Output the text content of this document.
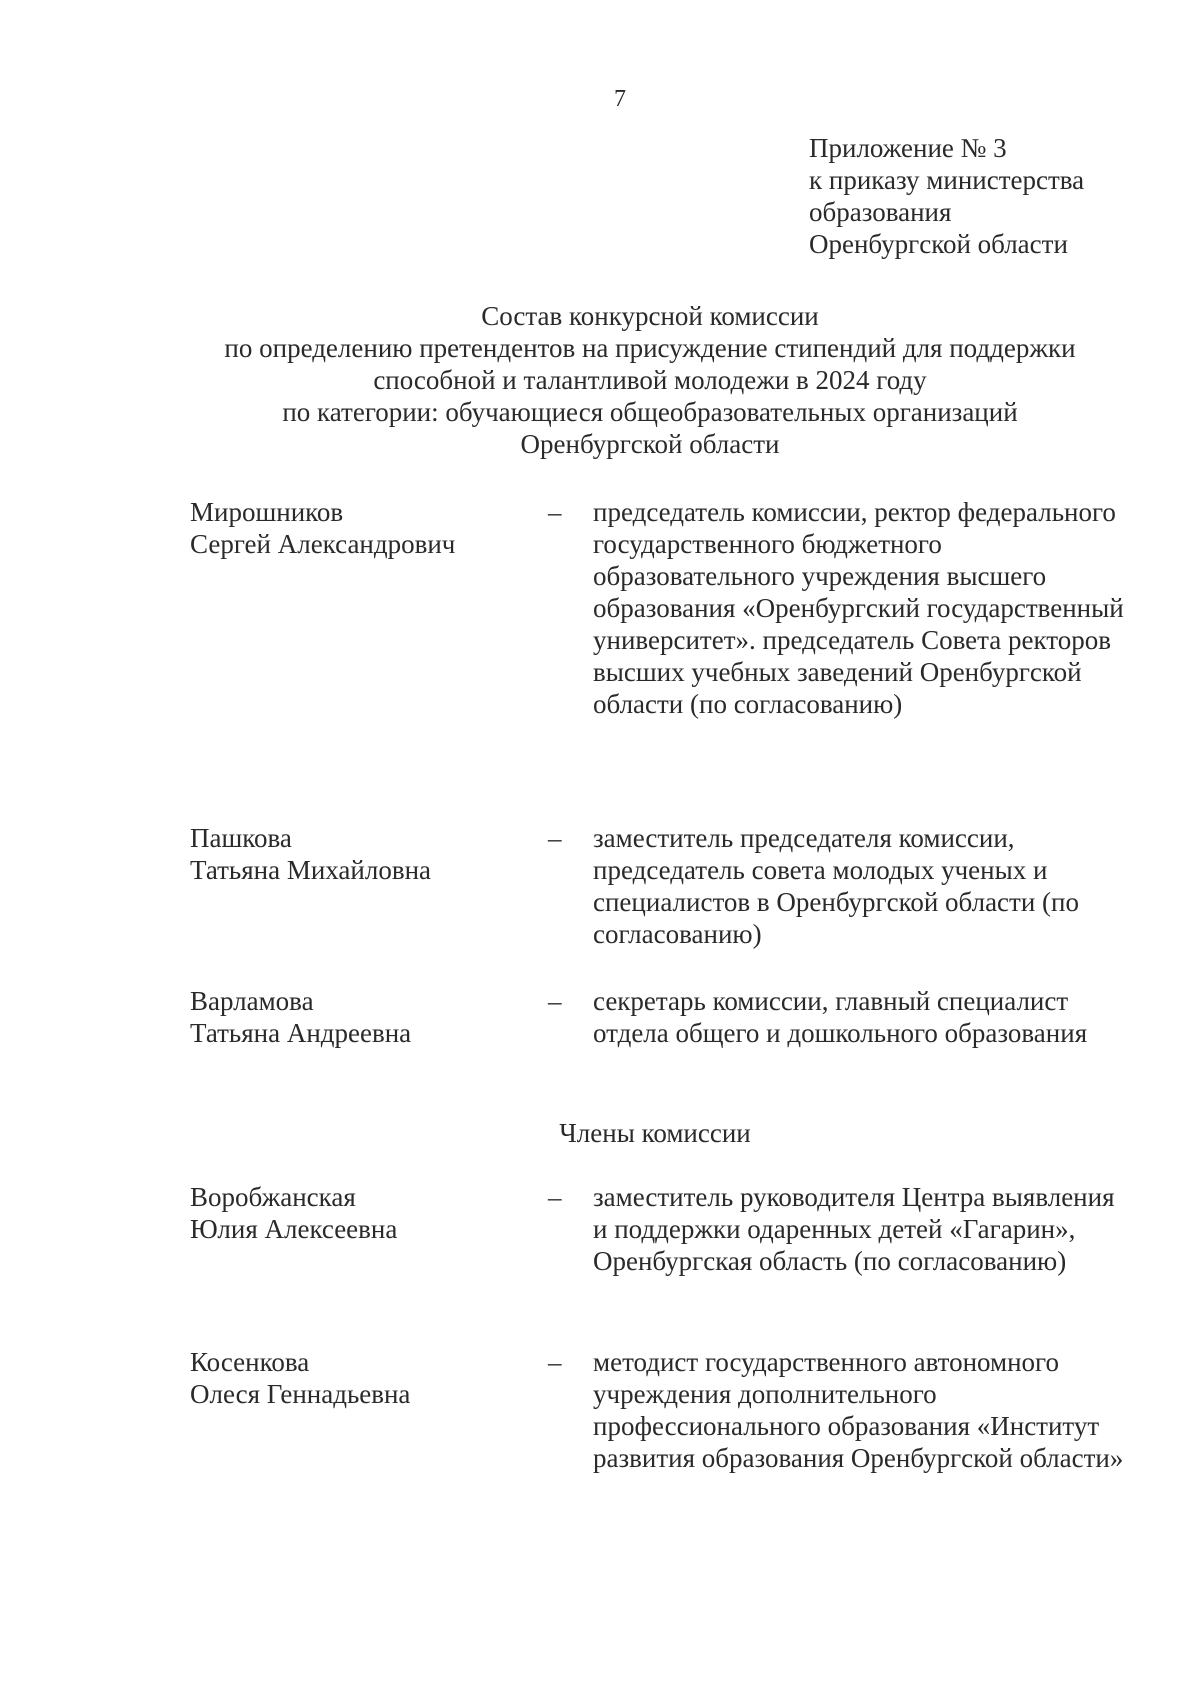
7
Приложение № 3
к приказу министерства
образования
Оренбургской области
Состав конкурсной комиссии
по определению претендентов на присуждение стипендий для поддержки
способной и талантливой молодежи в 2024 году
по категории: обучающиеся общеобразовательных организаций
Оренбургской области
Мирошников
Сергей Александрович
–	председатель комиссии, ректор федерального государственного бюджетного образовательного учреждения высшего образования «Оренбургский государственный университет». председатель Совета ректоров высших учебных заведений Оренбургской области (по согласованию)
Пашкова
Татьяна Михайловна
–	заместитель председателя комиссии, председатель совета молодых ученых и специалистов в Оренбургской области (по согласованию)
Варламова
Татьяна Андреевна
–	секретарь комиссии, главный специалист отдела общего и дошкольного образования
Члены комиссии
Воробжанская
Юлия Алексеевна
–	заместитель руководителя Центра выявления и поддержки одаренных детей «Гагарин», Оренбургская область (по согласованию)
Косенкова
Олеся Геннадьевна
–	методист государственного автономного учреждения дополнительного профессионального образования «Институт развития образования Оренбургской области»
